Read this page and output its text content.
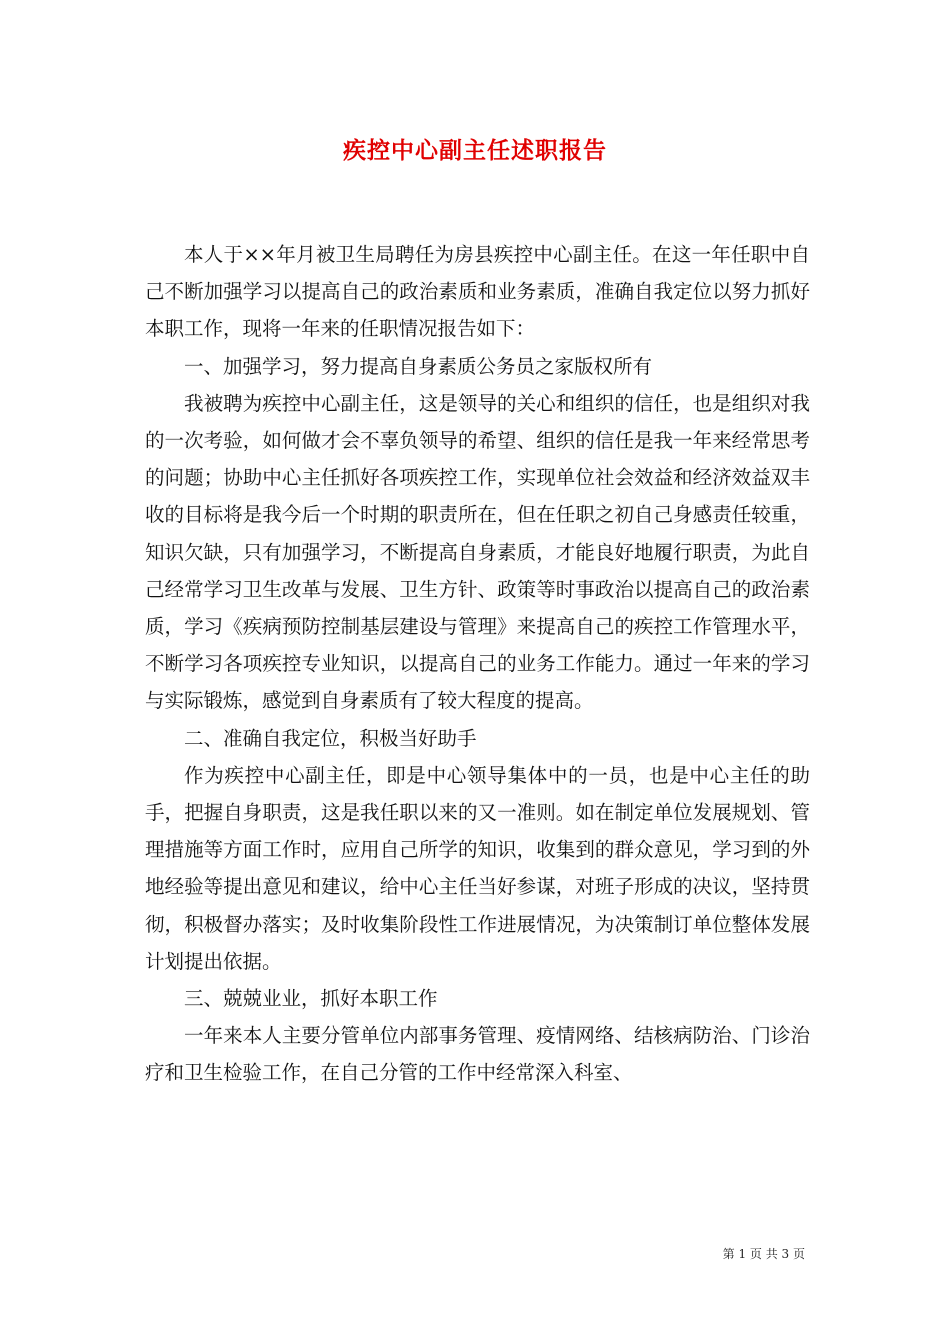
疾控中心副主任述职报告

本人于××年月被卫生局聘任为房县疾控中心副主任。在这一年任职中自己不断加强学习以提高自己的政治素质和业务素质，准确自我定位以努力抓好本职工作，现将一年来的任职情况报告如下：

一、加强学习，努力提高自身素质公务员之家版权所有

我被聘为疾控中心副主任，这是领导的关心和组织的信任，也是组织对我的一次考验，如何做才会不辜负领导的希望、组织的信任是我一年来经常思考的问题；协助中心主任抓好各项疾控工作，实现单位社会效益和经济效益双丰收的目标将是我今后一个时期的职责所在，但在任职之初自己身感责任较重，知识欠缺，只有加强学习，不断提高自身素质，才能良好地履行职责，为此自己经常学习卫生改革与发展、卫生方针、政策等时事政治以提高自己的政治素质，学习《疾病预防控制基层建设与管理》来提高自己的疾控工作管理水平，不断学习各项疾控专业知识，以提高自己的业务工作能力。通过一年来的学习与实际锻炼，感觉到自身素质有了较大程度的提高。

二、准确自我定位，积极当好助手

作为疾控中心副主任，即是中心领导集体中的一员，也是中心主任的助手，把握自身职责，这是我任职以来的又一准则。如在制定单位发展规划、管理措施等方面工作时，应用自己所学的知识，收集到的群众意见，学习到的外地经验等提出意见和建议，给中心主任当好参谋，对班子形成的决议，坚持贯彻，积极督办落实；及时收集阶段性工作进展情况，为决策制订单位整体发展计划提出依据。

三、兢兢业业，抓好本职工作

一年来本人主要分管单位内部事务管理、疫情网络、结核病防治、门诊治疗和卫生检验工作，在自己分管的工作中经常深入科室、

第 1 页 共 3 页
